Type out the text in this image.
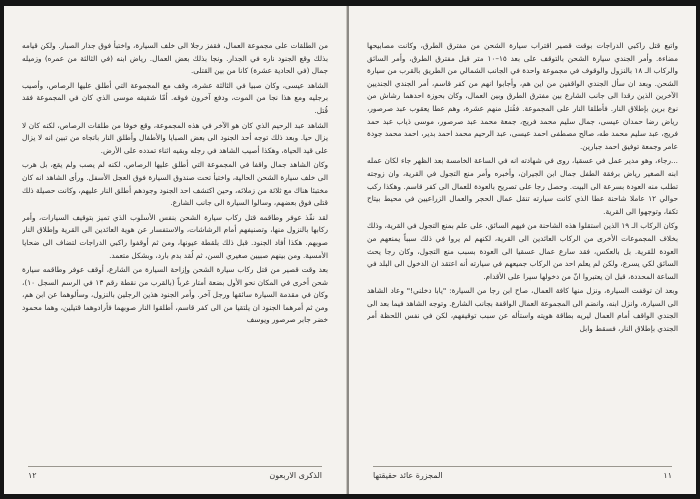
من الطلقات على مجموعة العمال، فقفز رجلا الى خلف السيارة، واختبأ فوق جدار الصبار. ولكن قيامه بذلك وقع الجنود ناره في الجدار. ونجا بذلك بعض العمال. رياض ابنه (في الثالثة من عمره) وزميله جمال (في الحادية عشرة) كانا من بين القتلى.

الشاهد عيسى، وكان صبيا في الثالثة عشرة، وقف مع المجموعة التي أطلق عليها الرصاص، وأصيب برجليه ومع هذا نجا من الموت، ودفع آخرون فوقه. أمّا شقيقه موسى الذي كان في المجموعة فقد قُتل.

الشاهد عبد الرحيم الذي كان هو الآخر في هذه المجموعة، وقع خوفا من طلقات الرصاص، لكنه كان لا يزال حيا. وبعد ذلك توجه أحد الجنود الى بعض الصبايا والأطفال وأطلق النار باتجاه من تبين انه لا يزال على قيد الحياة، وهكذا أصيب الشاهد في رجله وبقيه اثناء تمدده على الأرض.

وكان الشاهد جمال واقفا في المجموعة التي أطلق عليها الرصاص، لكنه لم يصب ولم يقع، بل هرب الى خلف سيارة الشحن الحالية، واختبأ تحت صندوق السيارة فوق العجل الأسفل. ورأى الشاهد انه كان مختبئا هناك مع ثلاثة من زملائه، وحين اكتشف احد الجنود وجودهم أطلق النار عليهم، وكانت حصيلة ذلك قتلى فوق بعضهم، وسالوا السيارة الى جانب الشارع.

لقد نفّذ عوفر وطاقمه قتل ركاب سيارة الشحن بنفس الأسلوب الذي تميز بتوقيف السيارات، وأمر ركابها بالنزول منها، وتصنيفهم أمام الرشاشات، والاستفسار عن هوية العائدين الى القرية وإطلاق النار صوبهم. هكذا أفاد الجنود. قبل ذلك بلقطة عيونها، ومن ثم أوقفوا راكبي الدراجات لتضاف الى ضحايا الأمسية. ومن بينهم صبيين صغيري السن، ثم لُقد بدم بارد، وبشكل متعمد.

بعد وقت قصير من قتل ركاب سيارة الشحن وإزاحة السيارة من الشارع، أوقف عوفر وطاقمه سيارة شحن أخرى في المكان نحو الأول بضعة أمتار غرباً (بالقرب من نقطة رقم ١٣ في الرسم السجل ١٠)، وكان في مقدمة السيارة سائقها ورجل آخر. وأمر الجنود هذين الرجلين بالنزول، وسألوهما عن ابن هم، ومن ثم أمرهما الجنود ان يلتقيا من الى كفر قاسم، أطلقوا النار صوبهما فأرادوهما قتيلين، وهما محمود خضر جابر صرصور ويوسف

الذكرى الاربعون
١٢

واتبع قتل راكبي الدراجات بوقت قصير اقتراب سيارة الشحن من مفترق الطرق، وكانت مصابيحها مضاءة. وأمر الجندي سيارة الشحن بالتوقف على بعد ١٥–١٠ متر قبل مفترق الطرق، وأمر السائق والركاب الـ ١٨ بالنزول والوقوف في مجموعة واحدة في الجانب الشمالي من الطريق بالقرب من سيارة الشحن. وبعد ان سأل الجندي الواقفين من اين هم، وأجابوا انهم من كفر قاسم، أمر الجندي الجنديين الآخرين الذين رقدا الى جانب الشارع بين مفترق الطرق وبين العمال، وكان بحوزة احدهما رشاش من نوع برين بإطلاق النار. فأطلقا النار على المجموعة. فقُتل منهم عشرة، وهم عطا يعقوب عبد صرصور، رياض رضا حمدان عيسى، جمال سليم محمد فريج، جمعة محمد عبد صرصور، موسى ذياب عبد حمد فريج، عبد سليم محمد طه، صالح مصطفى احمد عيسى، عبد الرحيم محمد احمد بدير، احمد محمد جودة عامر وجمعة توفيق احمد جبارين.

...رجاء، وهو مدير عمل في عسقيا، روى في شهادته انه في الساعة الخامسة بعد الظهر جاء لكان عمله ابنه الصغير رياض برفقة الطفل جمال ابن الجيران، وأخبره وأمر منع التجول في القرية، وان زوجته تطلب منه العودة بسرعة الى البيت. وحصل رجا على تصريح بالعودة للعمال الى كفر قاسم. وهكذا ركب حوالي ١٢ عاملا شاحنة عطا الذي كانت سيارته تنقل عمال الحجر والعمال الزراعيين في محيط بيتاح تكفا، وتوجهوا الى القرية.

وكان الركاب الـ ١٩ الذين استقلوا هذه الشاحنة من فيهم السائق، على علم بمنع التجول في القرية، وذلك بخلاف المجموعات الأخرى من الركاب العائدين الى القرية، لكنهم لم يروا في ذلك سبباً يمنعهم من العودة للقرية. بل بالعكس، فقد سارع عمال عسقيا الى العودة بسبب منع التجول، وكان رجا يحث السائق لكي يسرع، ولكن لم يعلم احد من الركاب جميعهم في سيارته أنه اعتقد ان الدخول الى البلد في الساعة المحددة، قبل ان يعتبروا انّ من دخولها سيرا على الأقدام.

وبعد ان توقفت السيارة، ونزل منها كافة العمال، صاح ابن رجا من السيارة: "يابا دخلني!" وعاد الشاهد الى السيارة، وانزل ابنه، وانضم الى المجموعة العمال الواقفة بجانب الشارع. وتوجه الشاهد فيما بعد الى الجندي الواقف أمام العمال ليريه بطاقة هويته واستأله عن سبب توقيفهم، لكن في نفس اللحظة أمر الجندي بإطلاق النار، فسقط وابل

١١
المجزرة عائد حقيقتها
